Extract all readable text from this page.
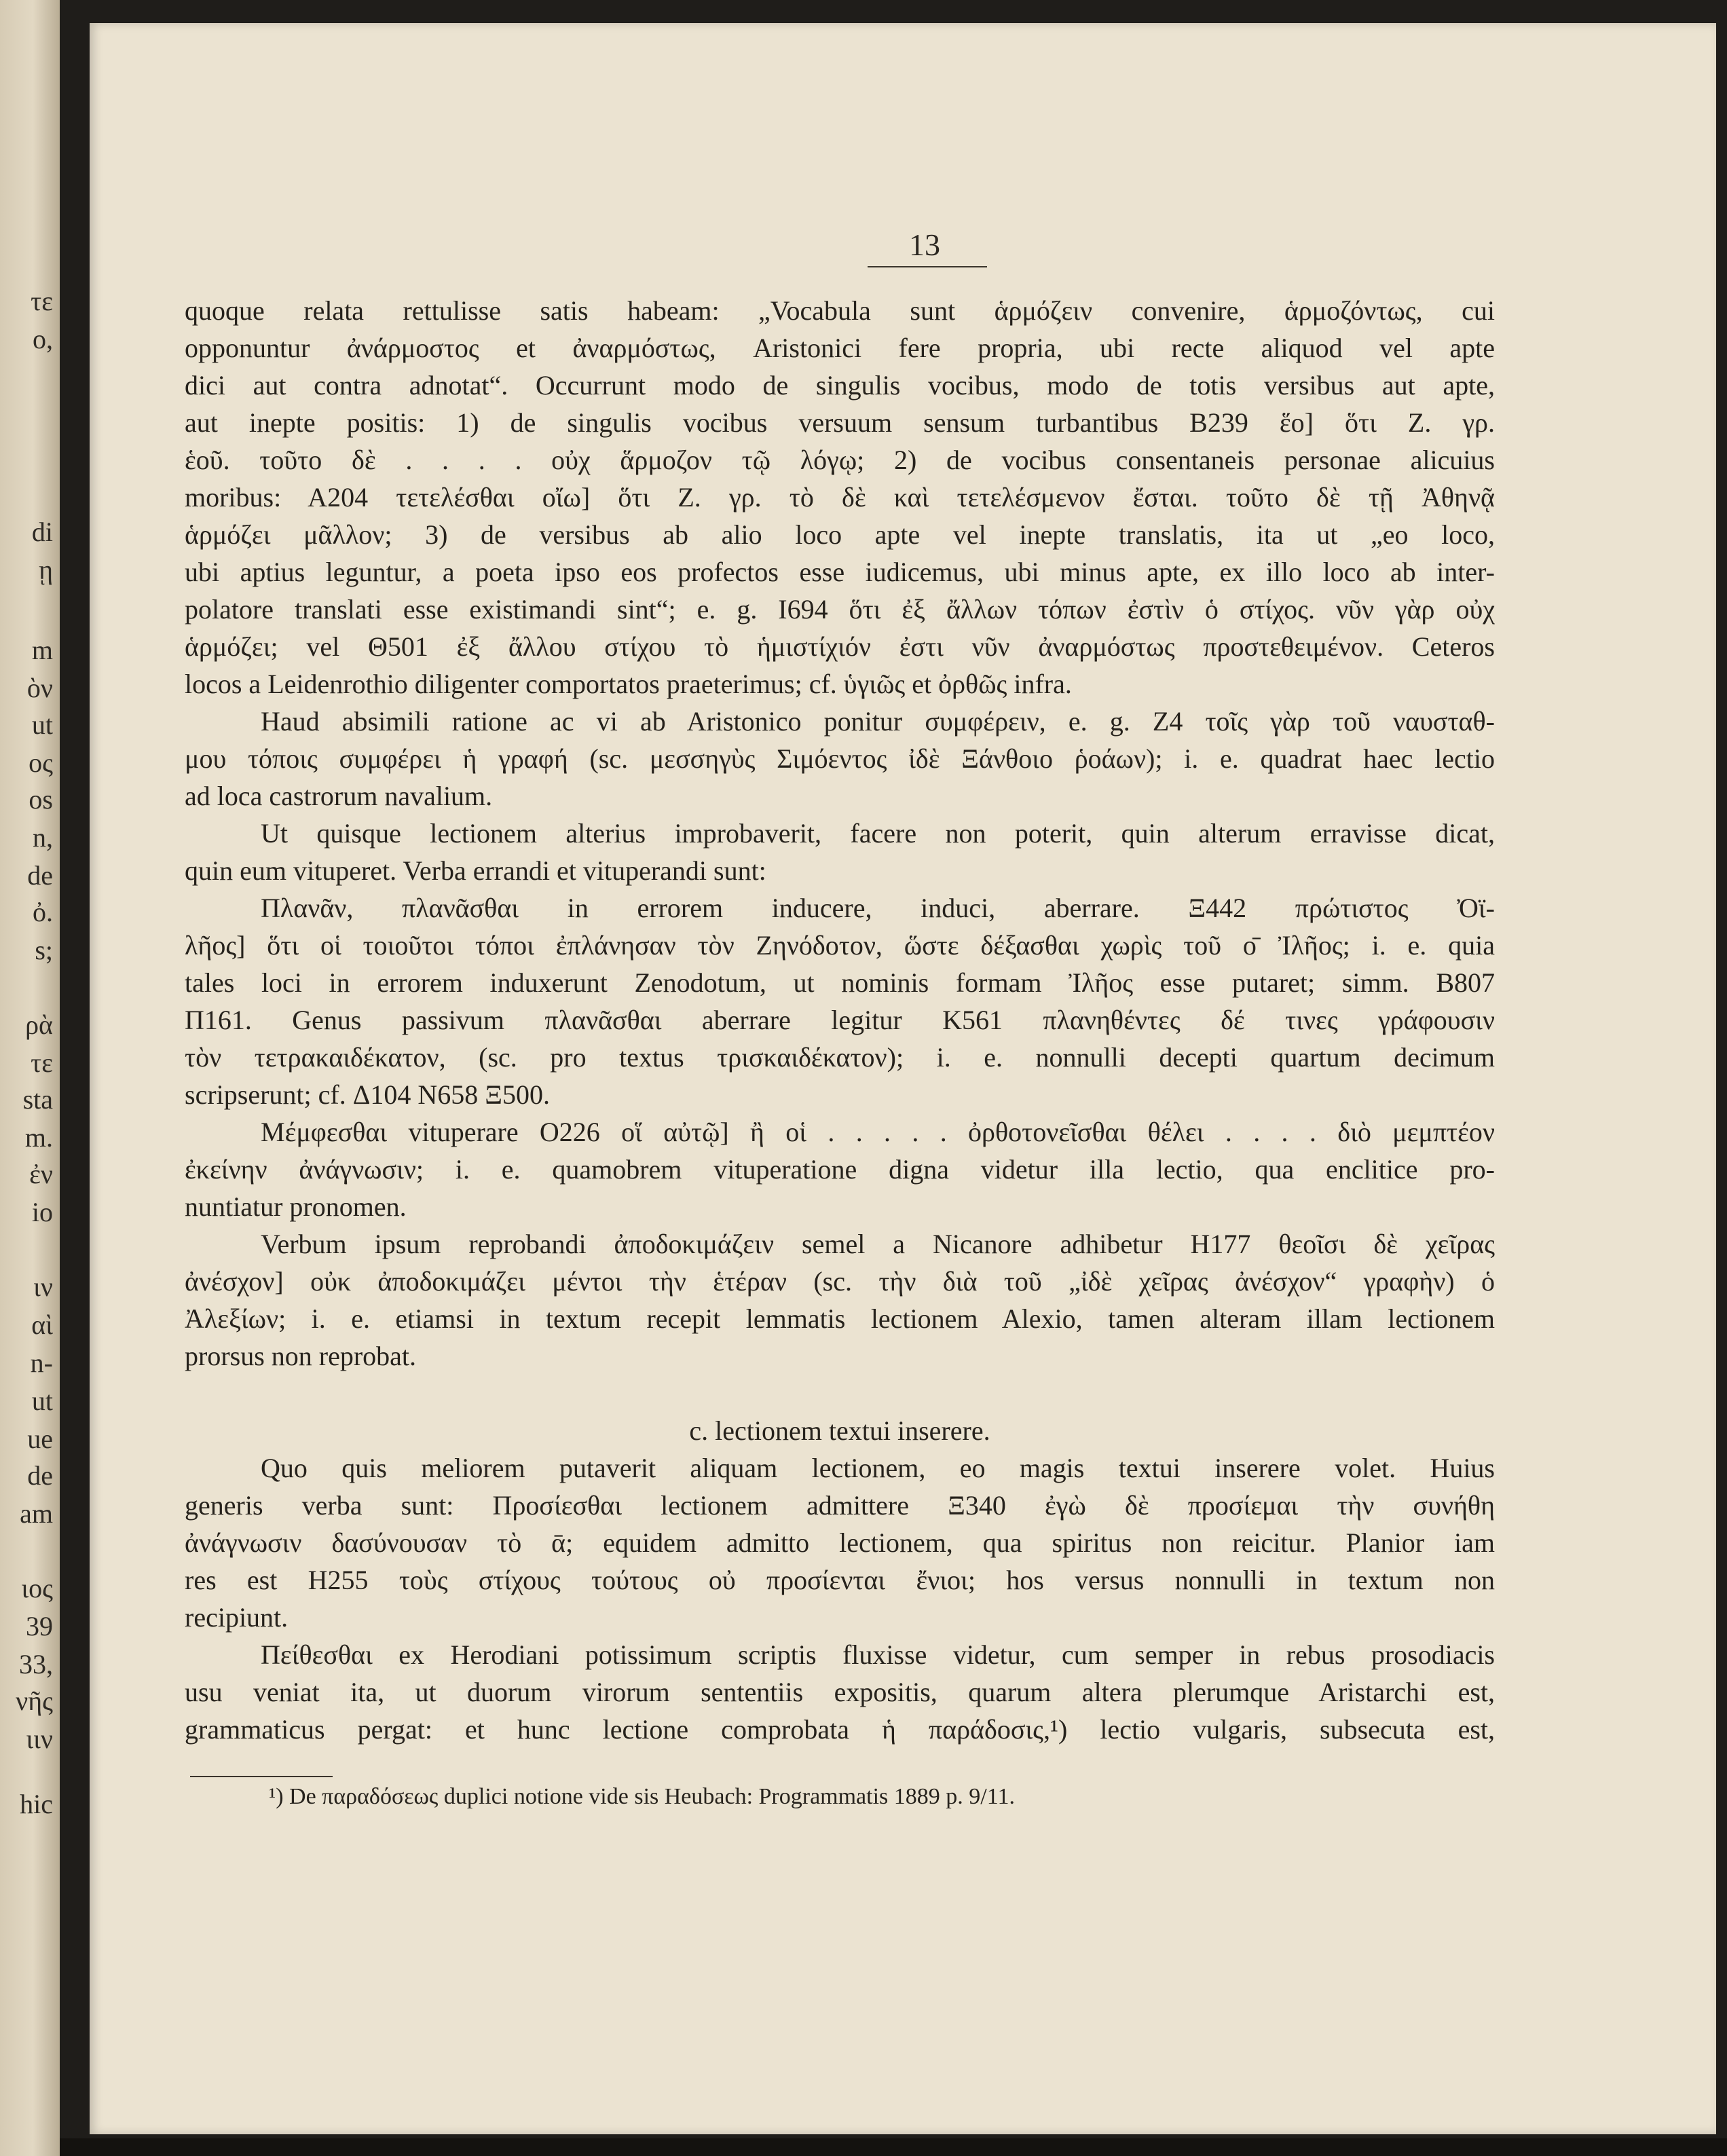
τε
o,
di
ῃ
m
ὸν
ut
ος
os
n,
de
ὀ.
s;
ρὰ
τε
sta
m.
ἐν
io
ιν
αὶ
n-
ut
ue
de
am
ιος
39
33,
νῆς
ιιν
hic
13
quoque relata rettulisse satis habeam: „Vocabula sunt ἁρμόζειν convenire, ἁρμοζόντως, cui
opponuntur ἀνάρμοστος et ἀναρμόστως, Aristonici fere propria, ubi recte aliquod vel apte
dici aut contra adnotat“. Occurrunt modo de singulis vocibus, modo de totis versibus aut apte,
aut inepte positis: 1) de singulis vocibus versuum sensum turbantibus B239 ἕο] ὅτι Z. γρ.
ἑοῦ. τοῦτο δὲ . . . . οὐχ ἅρμοζον τῷ λόγῳ; 2) de vocibus consentaneis personae alicuius
moribus: A204 τετελέσθαι οἴω] ὅτι Z. γρ. τὸ δὲ καὶ τετελέσμενον ἔσται. τοῦτο δὲ τῇ Ἀθηνᾷ
ἁρμόζει μᾶλλον; 3) de versibus ab alio loco apte vel inepte translatis, ita ut „eo loco,
ubi aptius leguntur, a poeta ipso eos profectos esse iudicemus, ubi minus apte, ex illo loco ab inter-
polatore translati esse existimandi sint“; e. g. I694 ὅτι ἐξ ἄλλων τόπων ἐστὶν ὁ στίχος. νῦν γὰρ οὐχ
ἁρμόζει; vel Θ501 ἐξ ἄλλου στίχου τὸ ἡμιστίχιόν ἐστι νῦν ἀναρμόστως προστεθειμένον. Ceteros
locos a Leidenrothio diligenter comportatos praeterimus; cf. ὑγιῶς et ὀρθῶς infra.
Haud absimili ratione ac vi ab Aristonico ponitur συμφέρειν, e. g. Z4 τοῖς γὰρ τοῦ ναυσταθ-
μου τόποις συμφέρει ἡ γραφή (sc. μεσσηγὺς Σιμόεντος ἰδὲ Ξάνθοιο ῥοάων); i. e. quadrat haec lectio
ad loca castrorum navalium.
Ut quisque lectionem alterius improbaverit, facere non poterit, quin alterum erravisse dicat,
quin eum vituperet. Verba errandi et vituperandi sunt:
Πλανᾶν, πλανᾶσθαι in errorem inducere, induci, aberrare. Ξ442 πρώτιστος Ὀϊ-
λῆος] ὅτι οἱ τοιοῦτοι τόποι ἐπλάνησαν τὸν Ζηνόδοτον, ὥστε δέξασθαι χωρὶς τοῦ ο̄ Ἰλῆος; i. e. quia
tales loci in errorem induxerunt Zenodotum, ut nominis formam Ἰλῆος esse putaret; simm. B807
Π161. Genus passivum πλανᾶσθαι aberrare legitur K561 πλανηθέντες δέ τινες γράφουσιν
τὸν τετρακαιδέκατον, (sc. pro textus τρισκαιδέκατον); i. e. nonnulli decepti quartum decimum
scripserunt; cf. Δ104 N658 Ξ500.
Μέμφεσθαι vituperare O226 οἵ αὐτῷ] ἢ οἱ . . . . . ὀρθοτονεῖσθαι θέλει . . . . διὸ μεμπτέον
ἐκείνην ἀνάγνωσιν; i. e. quamobrem vituperatione digna videtur illa lectio, qua enclitice pro-
nuntiatur pronomen.
Verbum ipsum reprobandi ἀποδοκιμάζειν semel a Nicanore adhibetur H177 θεοῖσι δὲ χεῖρας
ἀνέσχον] οὐκ ἀποδοκιμάζει μέντοι τὴν ἑτέραν (sc. τὴν διὰ τοῦ „ἰδὲ χεῖρας ἀνέσχον“ γραφὴν) ὁ
Ἀλεξίων; i. e. etiamsi in textum recepit lemmatis lectionem Alexio, tamen alteram illam lectionem
prorsus non reprobat.
c. lectionem textui inserere.
Quo quis meliorem putaverit aliquam lectionem, eo magis textui inserere volet. Huius
generis verba sunt: Προσίεσθαι lectionem admittere Ξ340 ἐγὼ δὲ προσίεμαι τὴν συνήθη
ἀνάγνωσιν δασύνουσαν τὸ ᾱ; equidem admitto lectionem, qua spiritus non reicitur. Planior iam
res est H255 τοὺς στίχους τούτους οὐ προσίενται ἔνιοι; hos versus nonnulli in textum non
recipiunt.
Πείθεσθαι ex Herodiani potissimum scriptis fluxisse videtur, cum semper in rebus prosodiacis
usu veniat ita, ut duorum virorum sententiis expositis, quarum altera plerumque Aristarchi est,
grammaticus pergat: et hunc lectione comprobata ἡ παράδοσις,¹) lectio vulgaris, subsecuta est,
¹) De παραδόσεως duplici notione vide sis Heubach: Programmatis 1889 p. 9/11.
